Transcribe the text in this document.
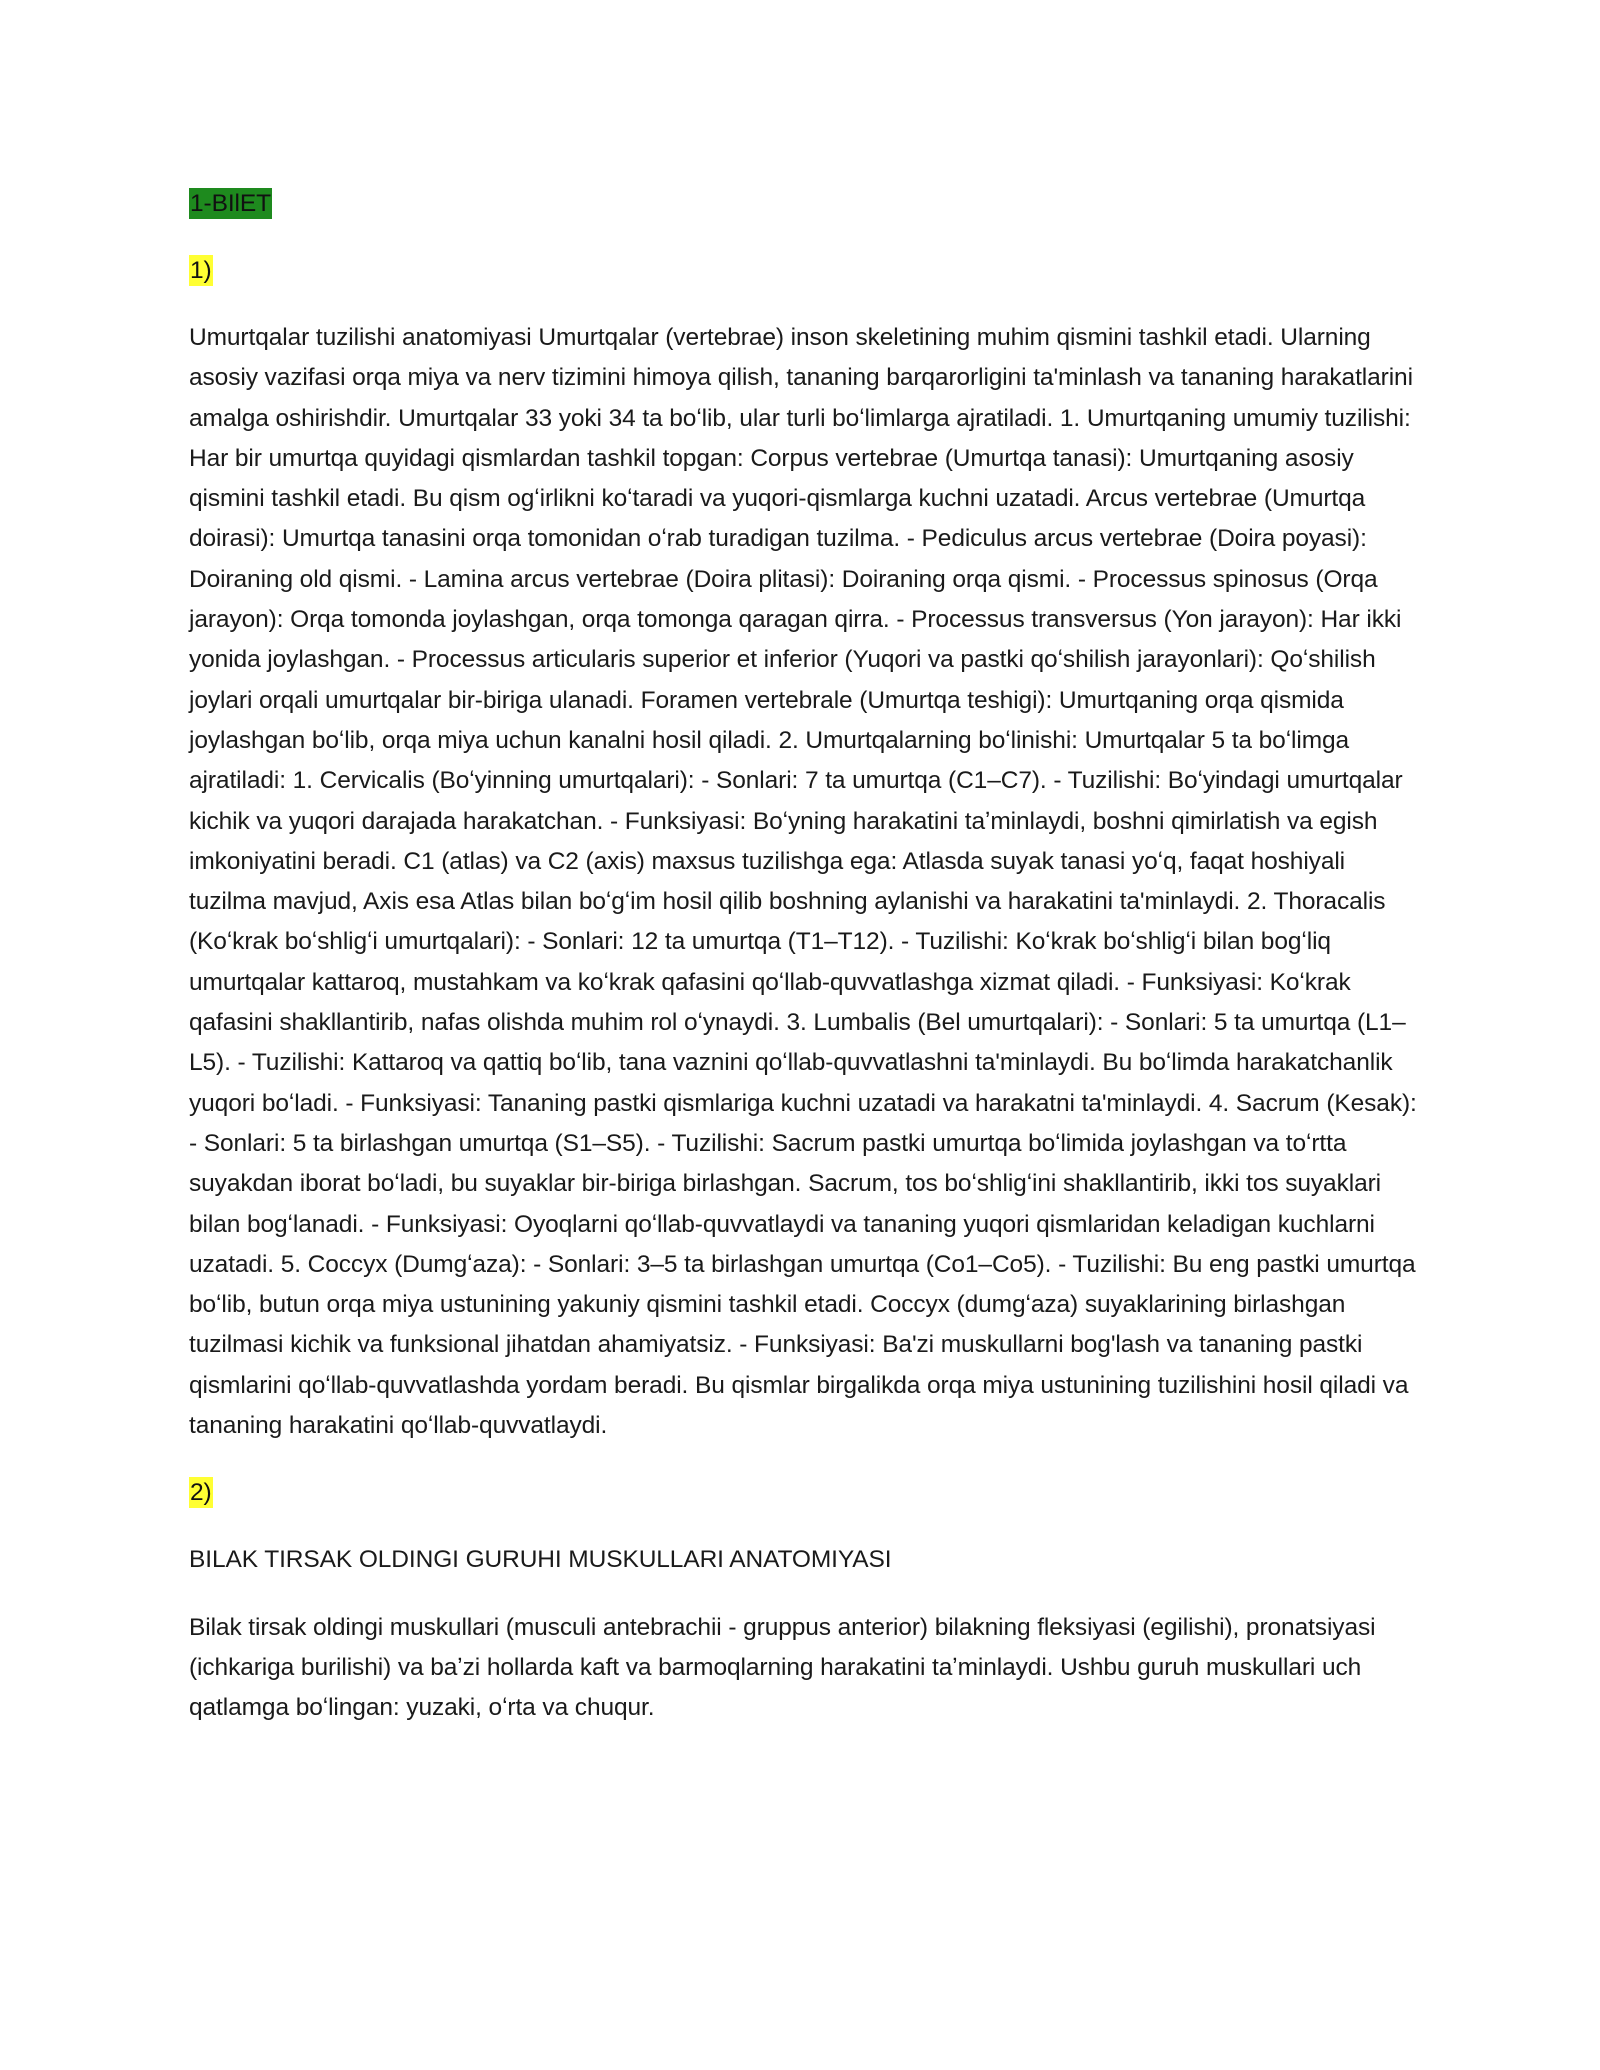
1-BIlET

1)

Umurtqalar tuzilishi anatomiyasi Umurtqalar (vertebrae) inson skeletining muhim qismini tashkil etadi. Ularning asosiy vazifasi orqa miya va nerv tizimini himoya qilish, tananing barqarorligini ta'minlash va tananing harakatlarini amalga oshirishdir. Umurtqalar 33 yoki 34 ta boʻlib, ular turli boʻlimlarga ajratiladi. 1. Umurtqaning umumiy tuzilishi: Har bir umurtqa quyidagi qismlardan tashkil topgan: Corpus vertebrae (Umurtqa tanasi): Umurtqaning asosiy qismini tashkil etadi. Bu qism ogʻirlikni koʻtaradi va yuqori-qismlarga kuchni uzatadi. Arcus vertebrae (Umurtqa doirasi): Umurtqa tanasini orqa tomonidan oʻrab turadigan tuzilma. - Pediculus arcus vertebrae (Doira poyasi): Doiraning old qismi. - Lamina arcus vertebrae (Doira plitasi): Doiraning orqa qismi. - Processus spinosus (Orqa jarayon): Orqa tomonda joylashgan, orqa tomonga qaragan qirra. - Processus transversus (Yon jarayon): Har ikki yonida joylashgan. - Processus articularis superior et inferior (Yuqori va pastki qoʻshilish jarayonlari): Qoʻshilish joylari orqali umurtqalar bir-biriga ulanadi. Foramen vertebrale (Umurtqa teshigi): Umurtqaning orqa qismida joylashgan boʻlib, orqa miya uchun kanalni hosil qiladi. 2. Umurtqalarning boʻlinishi: Umurtqalar 5 ta boʻlimga ajratiladi: 1. Cervicalis (Boʻyinning umurtqalari): - Sonlari: 7 ta umurtqa (C1–C7). - Tuzilishi: Boʻyindagi umurtqalar kichik va yuqori darajada harakatchan. - Funksiyasi: Boʻyning harakatini taʼminlaydi, boshni qimirlatish va egish imkoniyatini beradi. C1 (atlas) va C2 (axis) maxsus tuzilishga ega: Atlasda suyak tanasi yoʻq, faqat hoshiyali tuzilma mavjud, Axis esa Atlas bilan boʻgʻim hosil qilib boshning aylanishi va harakatini ta'minlaydi. 2. Thoracalis (Koʻkrak boʻshligʻi umurtqalari): - Sonlari: 12 ta umurtqa (T1–T12). - Tuzilishi: Koʻkrak boʻshligʻi bilan bogʻliq umurtqalar kattaroq, mustahkam va koʻkrak qafasini qoʻllab-quvvatlashga xizmat qiladi. - Funksiyasi: Koʻkrak qafasini shakllantirib, nafas olishda muhim rol oʻynaydi. 3. Lumbalis (Bel umurtqalari): - Sonlari: 5 ta umurtqa (L1–L5). - Tuzilishi: Kattaroq va qattiq boʻlib, tana vaznini qoʻllab-quvvatlashni ta'minlaydi. Bu boʻlimda harakatchanlik yuqori boʻladi. - Funksiyasi: Tananing pastki qismlariga kuchni uzatadi va harakatni ta'minlaydi. 4. Sacrum (Kesak): - Sonlari: 5 ta birlashgan umurtqa (S1–S5). - Tuzilishi: Sacrum pastki umurtqa boʻlimida joylashgan va toʻrtta suyakdan iborat boʻladi, bu suyaklar bir-biriga birlashgan. Sacrum, tos boʻshligʻini shakllantirib, ikki tos suyaklari bilan bogʻlanadi. - Funksiyasi: Oyoqlarni qoʻllab-quvvatlaydi va tananing yuqori qismlaridan keladigan kuchlarni uzatadi. 5. Coccyx (Dumgʻaza): - Sonlari: 3–5 ta birlashgan umurtqa (Co1–Co5). - Tuzilishi: Bu eng pastki umurtqa boʻlib, butun orqa miya ustunining yakuniy qismini tashkil etadi. Coccyx (dumgʻaza) suyaklarining birlashgan tuzilmasi kichik va funksional jihatdan ahamiyatsiz. - Funksiyasi: Ba'zi muskullarni bog'lash va tananing pastki qismlarini qoʻllab-quvvatlashda yordam beradi. Bu qismlar birgalikda orqa miya ustunining tuzilishini hosil qiladi va tananing harakatini qoʻllab-quvvatlaydi.

2)

BILAK TIRSAK OLDINGI GURUHI MUSKULLARI ANATOMIYASI

Bilak tirsak oldingi muskullari (musculi antebrachii - gruppus anterior) bilakning fleksiyasi (egilishi), pronatsiyasi (ichkariga burilishi) va baʼzi hollarda kaft va barmoqlarning harakatini taʼminlaydi. Ushbu guruh muskullari uch qatlamga boʻlingan: yuzaki, oʻrta va chuqur.
